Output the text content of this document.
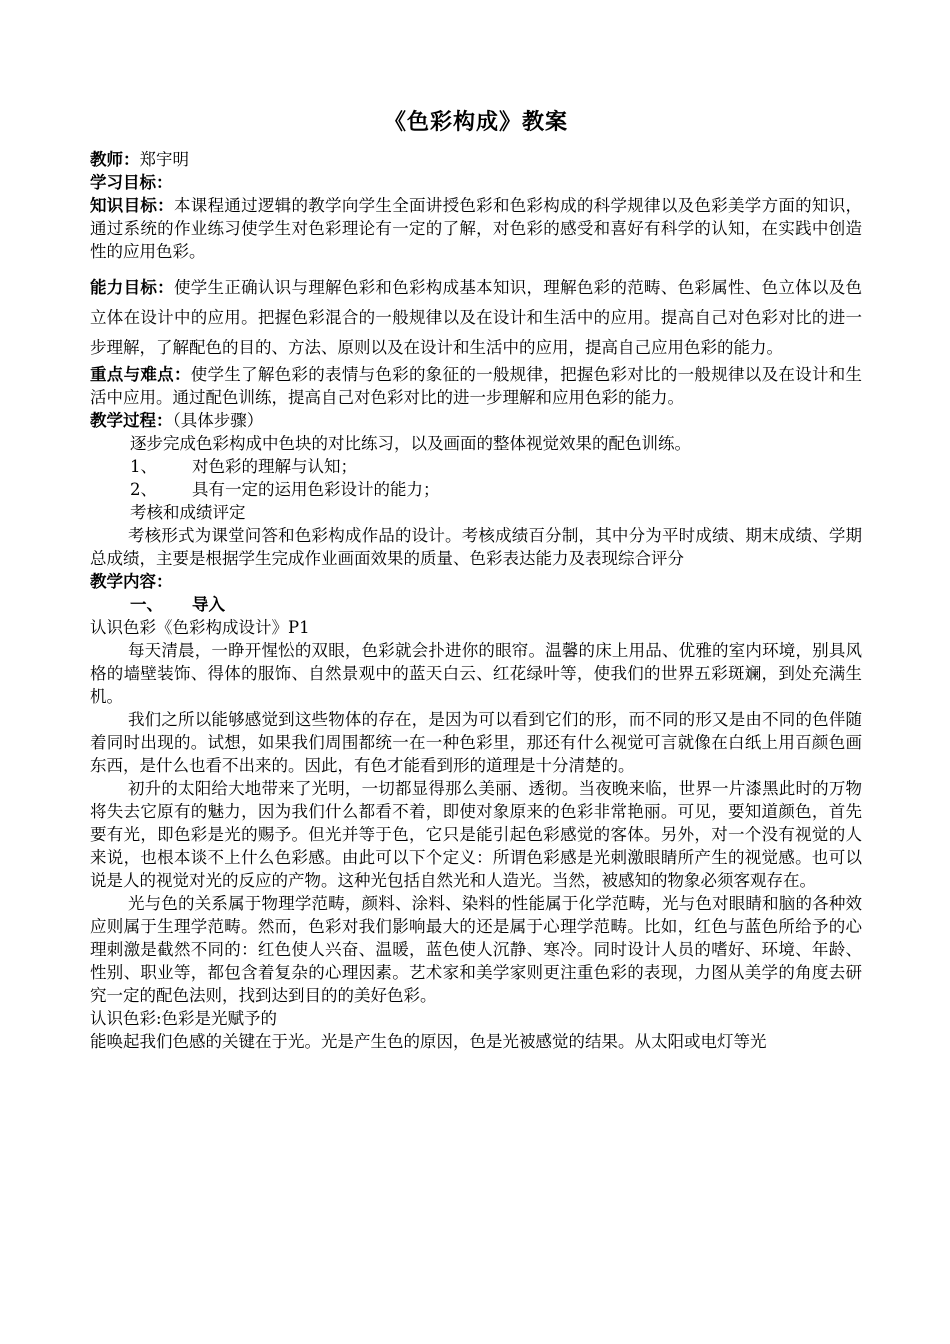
《色彩构成》教案

教师：郑宇明

学习目标：

知识目标：本课程通过逻辑的教学向学生全面讲授色彩和色彩构成的科学规律以及色彩美学方面的知识，通过系统的作业练习使学生对色彩理论有一定的了解，对色彩的感受和喜好有科学的认知，在实践中创造性的应用色彩。

能力目标：使学生正确认识与理解色彩和色彩构成基本知识，理解色彩的范畴、色彩属性、色立体以及色立体在设计中的应用。把握色彩混合的一般规律以及在设计和生活中的应用。提高自己对色彩对比的进一步理解，了解配色的目的、方法、原则以及在设计和生活中的应用，提高自己应用色彩的能力。

重点与难点：使学生了解色彩的表情与色彩的象征的一般规律，把握色彩对比的一般规律以及在设计和生活中应用。通过配色训练，提高自己对色彩对比的进一步理解和应用色彩的能力。

教学过程：（具体步骤）

逐步完成色彩构成中色块的对比练习，以及画面的整体视觉效果的配色训练。

1、 对色彩的理解与认知；

2、 具有一定的运用色彩设计的能力；

考核和成绩评定

考核形式为课堂问答和色彩构成作品的设计。考核成绩百分制，其中分为平时成绩、期末成绩、学期总成绩，主要是根据学生完成作业画面效果的质量、色彩表达能力及表现综合评分

教学内容：

一、 导入

认识色彩《色彩构成设计》P1

每天清晨，一睁开惺忪的双眼，色彩就会扑进你的眼帘。温馨的床上用品、优雅的室内环境，别具风格的墙壁装饰、得体的服饰、自然景观中的蓝天白云、红花绿叶等，使我们的世界五彩斑斓，到处充满生机。

我们之所以能够感觉到这些物体的存在，是因为可以看到它们的形，而不同的形又是由不同的色伴随着同时出现的。试想，如果我们周围都统一在一种色彩里，那还有什么视觉可言就像在白纸上用百颜色画东西，是什么也看不出来的。因此，有色才能看到形的道理是十分清楚的。

初升的太阳给大地带来了光明，一切都显得那么美丽、透彻。当夜晚来临，世界一片漆黑此时的万物将失去它原有的魅力，因为我们什么都看不着，即使对象原来的色彩非常艳丽。可见，要知道颜色，首先要有光，即色彩是光的赐予。但光并等于色，它只是能引起色彩感觉的客体。另外，对一个没有视觉的人来说，也根本谈不上什么色彩感。由此可以下个定义：所谓色彩感是光刺激眼睛所产生的视觉感。也可以说是人的视觉对光的反应的产物。这种光包括自然光和人造光。当然，被感知的物象必须客观存在。

光与色的关系属于物理学范畴，颜料、涂料、染料的性能属于化学范畴，光与色对眼睛和脑的各种效应则属于生理学范畴。然而，色彩对我们影响最大的还是属于心理学范畴。比如，红色与蓝色所给予的心理刺激是截然不同的：红色使人兴奋、温暖，蓝色使人沉静、寒冷。同时设计人员的嗜好、环境、年龄、性别、职业等，都包含着复杂的心理因素。艺术家和美学家则更注重色彩的表现，力图从美学的角度去研究一定的配色法则，找到达到目的的美好色彩。

认识色彩:色彩是光赋予的

能唤起我们色感的关键在于光。光是产生色的原因，色是光被感觉的结果。从太阳或电灯等光
